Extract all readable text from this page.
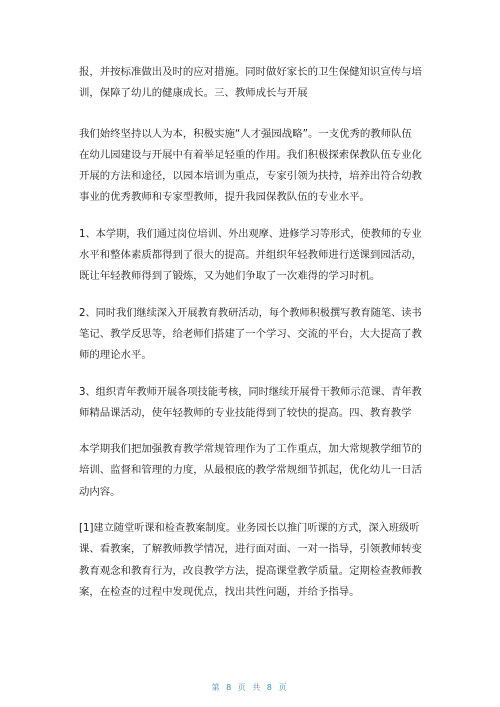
报，并按标准做出及时的应对措施。同时做好家长的卫生保健知识宣传与培
训，保障了幼儿的健康成长。三、教师成长与开展

我们始终坚持以人为本，积极实施“人才强园战略”。一支优秀的教师队伍
在幼儿园建设与开展中有着举足轻重的作用。我们积极探索保教队伍专业化
开展的方法和途径，以园本培训为重点，专家引领为扶持，培养出符合幼教
事业的优秀教师和专家型教师，提升我园保教队伍的专业水平。

1、本学期，我们通过岗位培训、外出观摩、进修学习等形式，使教师的专业
水平和整体素质都得到了很大的提高。并组织年轻教师进行送课到园活动，
既让年轻教师得到了锻炼，又为她们争取了一次难得的学习时机。

2、同时我们继续深入开展教育教研活动，每个教师积极撰写教育随笔、读书
笔记、教学反思等，给老师们搭建了一个学习、交流的平台，大大提高了教
师的理论水平。

3、组织青年教师开展各项技能考核，同时继续开展骨干教师示范课、青年教
师精品课活动，使年轻教师的专业技能得到了较快的提高。四、教育教学

本学期我们把加强教育教学常规管理作为了工作重点，加大常规教学细节的
培训、监督和管理的力度，从最根底的教学常规细节抓起，优化幼儿一日活
动内容。

[1]建立随堂听课和检查教案制度。业务园长以推门听课的方式，深入班级听
课、看教案，了解教师教学情况，进行面对面、一对一指导，引领教师转变
教育观念和教育行为，改良教学方法，提高课堂教学质量。定期检查教师教
案，在检查的过程中发现优点，找出共性问题，并给予指导。

第 8 页 共 8 页
